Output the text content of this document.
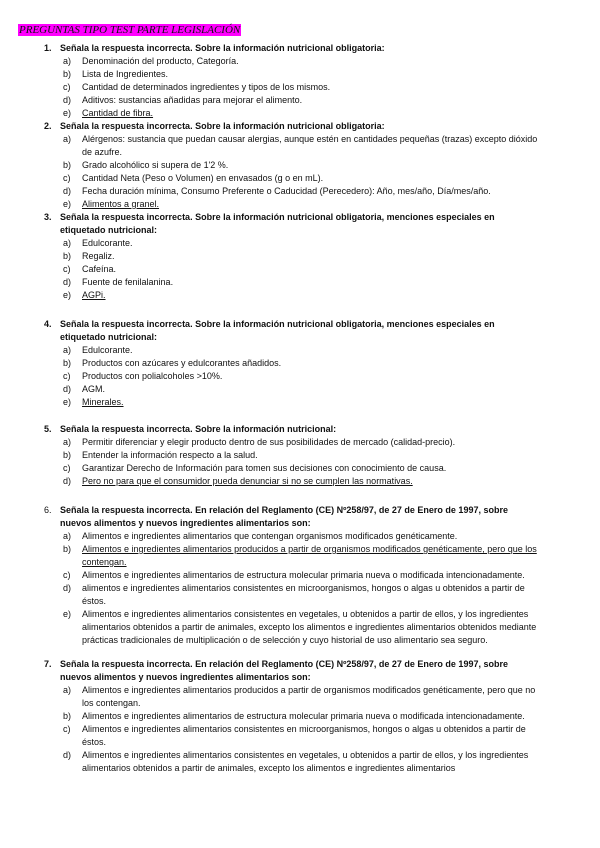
PREGUNTAS TIPO TEST PARTE LEGISLACIÓN
1. Señala la respuesta incorrecta. Sobre la información nutricional obligatoria:
a) Denominación del producto, Categoría.
b) Lista de Ingredientes.
c) Cantidad de determinados ingredientes y tipos de los mismos.
d) Aditivos: sustancias añadidas para mejorar el alimento.
e) Cantidad de fibra.
2. Señala la respuesta incorrecta. Sobre la información nutricional obligatoria:
a) Alérgenos: sustancia que puedan causar alergias, aunque estén en cantidades pequeñas (trazas) excepto dióxido de azufre.
b) Grado alcohólico si supera de 1'2 %.
c) Cantidad Neta (Peso o Volumen) en envasados (g o en mL).
d) Fecha duración mínima, Consumo Preferente o Caducidad (Perecedero): Año, mes/año, Día/mes/año.
e) Alimentos a granel.
3. Señala la respuesta incorrecta. Sobre la información nutricional obligatoria, menciones especiales en etiquetado nutricional:
a) Edulcorante.
b) Regaliz.
c) Cafeína.
d) Fuente de fenilalanina.
e) AGPi.
4. Señala la respuesta incorrecta. Sobre la información nutricional obligatoria, menciones especiales en etiquetado nutricional:
a) Edulcorante.
b) Productos con azúcares y edulcorantes añadidos.
c) Productos con polialcoholes >10%.
d) AGM.
e) Minerales.
5. Señala la respuesta incorrecta. Sobre la información nutricional:
a) Permitir diferenciar y elegir producto dentro de sus posibilidades de mercado (calidad-precio).
b) Entender la información respecto a la salud.
c) Garantizar Derecho de Información para tomen sus decisiones con conocimiento de causa.
d) Pero no para que el consumidor pueda denunciar si no se cumplen las normativas.
6. Señala la respuesta incorrecta. En relación del Reglamento (CE) Nº258/97, de 27 de Enero de 1997, sobre nuevos alimentos y nuevos ingredientes alimentarios son:
a) Alimentos e ingredientes alimentarios que contengan organismos modificados genéticamente.
b) Alimentos e ingredientes alimentarios producidos a partir de organismos modificados genéticamente, pero que los contengan.
c) Alimentos e ingredientes alimentarios de estructura molecular primaria nueva o modificada intencionadamente.
d) alimentos e ingredientes alimentarios consistentes en microorganismos, hongos o algas u obtenidos a partir de éstos.
e) Alimentos e ingredientes alimentarios consistentes en vegetales, u obtenidos a partir de ellos, y los ingredientes alimentarios obtenidos a partir de animales, excepto los alimentos e ingredientes alimentarios obtenidos mediante prácticas tradicionales de multiplicación o de selección y cuyo historial de uso alimentario sea seguro.
7. Señala la respuesta incorrecta. En relación del Reglamento (CE) Nº258/97, de 27 de Enero de 1997, sobre nuevos alimentos y nuevos ingredientes alimentarios son:
a) Alimentos e ingredientes alimentarios producidos a partir de organismos modificados genéticamente, pero que no los contengan.
b) Alimentos e ingredientes alimentarios de estructura molecular primaria nueva o modificada intencionadamente.
c) Alimentos e ingredientes alimentarios consistentes en microorganismos, hongos o algas u obtenidos a partir de éstos.
d) Alimentos e ingredientes alimentarios consistentes en vegetales, u obtenidos a partir de ellos, y los ingredientes alimentarios obtenidos a partir de animales, excepto los alimentos e ingredientes alimentarios
